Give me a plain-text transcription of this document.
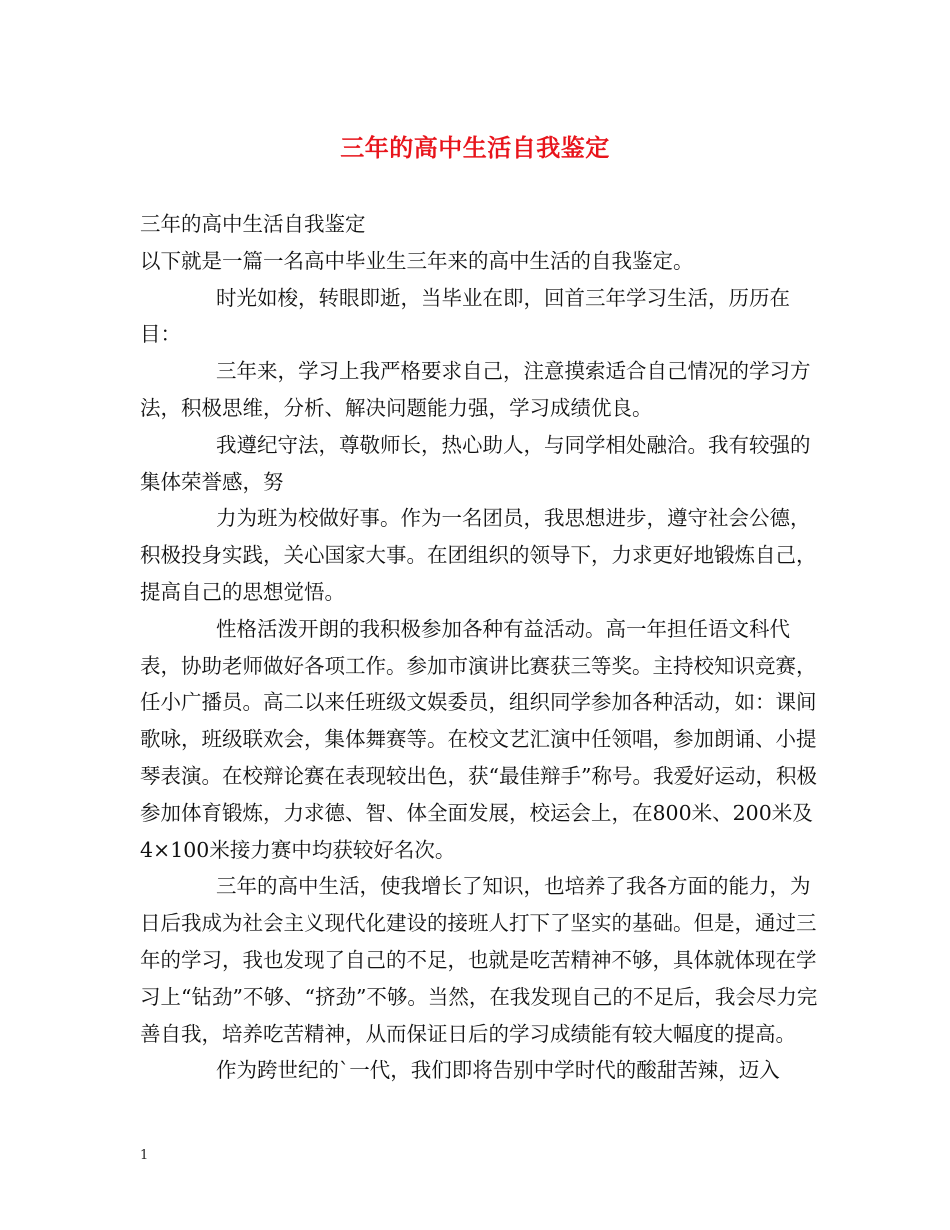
三年的高中生活自我鉴定

三年的高中生活自我鉴定

以下就是一篇一名高中毕业生三年来的高中生活的自我鉴定。

时光如梭，转眼即逝，当毕业在即，回首三年学习生活，历历在目：

三年来，学习上我严格要求自己，注意摸索适合自己情况的学习方法，积极思维，分析、解决问题能力强，学习成绩优良。

我遵纪守法，尊敬师长，热心助人，与同学相处融洽。我有较强的集体荣誉感，努

力为班为校做好事。作为一名团员，我思想进步，遵守社会公德，积极投身实践，关心国家大事。在团组织的领导下，力求更好地锻炼自己，提高自己的思想觉悟。

性格活泼开朗的我积极参加各种有益活动。高一年担任语文科代表，协助老师做好各项工作。参加市演讲比赛获三等奖。主持校知识竞赛，任小广播员。高二以来任班级文娱委员，组织同学参加各种活动，如：课间歌咏，班级联欢会，集体舞赛等。在校文艺汇演中任领唱，参加朗诵、小提琴表演。在校辩论赛在表现较出色，获“最佳辩手”称号。我爱好运动，积极参加体育锻炼，力求德、智、体全面发展，校运会上，在800米、200米及4×100米接力赛中均获较好名次。

三年的高中生活，使我增长了知识，也培养了我各方面的能力，为日后我成为社会主义现代化建设的接班人打下了坚实的基础。但是，通过三年的学习，我也发现了自己的不足，也就是吃苦精神不够，具体就体现在学习上“钻劲”不够、“挤劲”不够。当然，在我发现自己的不足后，我会尽力完善自我，培养吃苦精神，从而保证日后的学习成绩能有较大幅度的提高。

作为跨世纪的`一代，我们即将告别中学时代的酸甜苦辣，迈入

1
